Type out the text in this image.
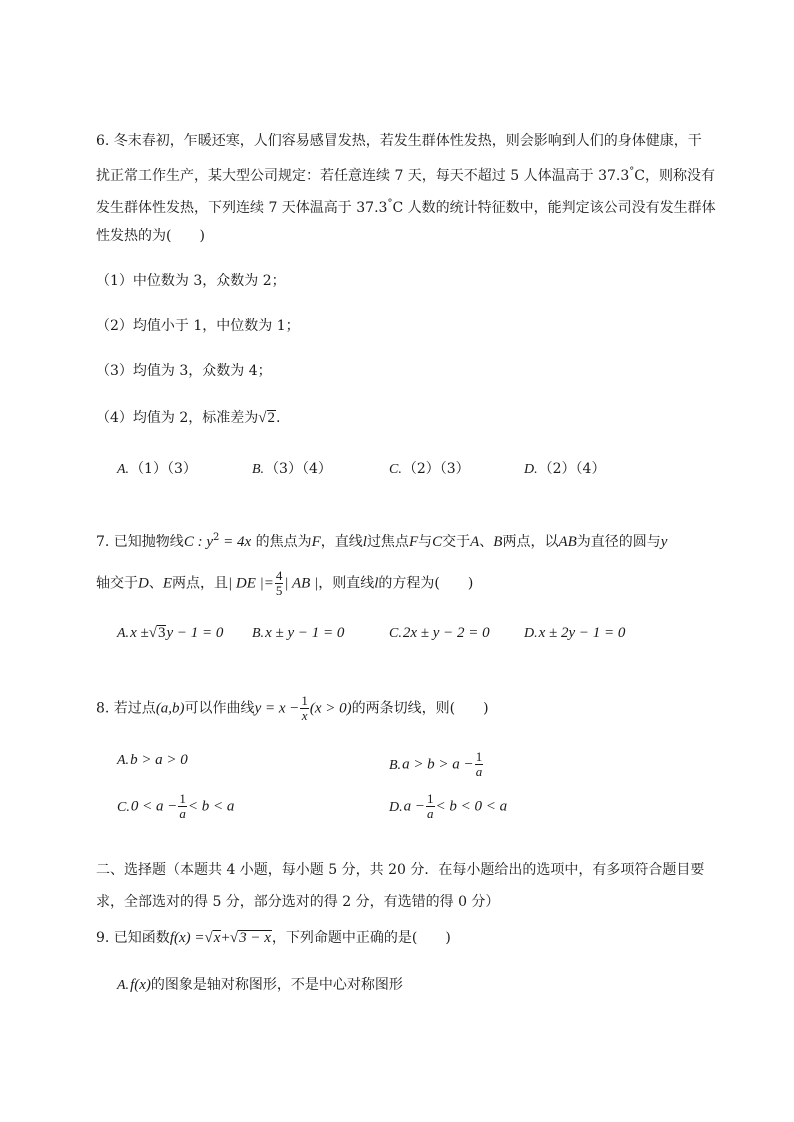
6. 冬末春初，乍暖还寒，人们容易感冒发热，若发生群体性发热，则会影响到人们的身体健康，干
扰正常工作生产，某大型公司规定：若任意连续 7 天，每天不超过 5 人体温高于 37.3°C，则称没有
发生群体性发热，下列连续 7 天体温高于 37.3°C 人数的统计特征数中，能判定该公司没有发生群体
性发热的为(　　)
（1）中位数为 3，众数为 2；
（2）均值小于 1，中位数为 1；
（3）均值为 3，众数为 4；
（4）均值为 2，标准差为√2.
A.（1）（3）	B.（3）（4）	C.（2）（3）	D.（2）（4）
7. 已知抛物线C : $y^2 = 4x$ 的焦点为F，直线l过焦点F与C交于A、B两点，以AB为直径的圆与y
轴交于D、E两点，且| DE |= $\frac{4}{5}$ | AB |，则直线l的方程为(　　)
A.x ±√3y − 1 = 0 B.x ± y − 1 = 0	C.2x ± y − 2 = 0 D.x ± 2y − 1 = 0
8. 若过点(a,b)可以作曲线$y = x - \frac{1}{x} (x > 0)$的两条切线，则(　　)
A.b > a > 0	$B.a > b > a - \frac{1}{a}$
$C.0 < a - \frac{1}{a} < b < a$	$D.a - \frac{1}{a} < b < 0 < a$
二、选择题（本题共 4 小题，每小题 5 分，共 20 分．在每小题给出的选项中，有多项符合题目要
求，全部选对的得 5 分，部分选对的得 2 分，有选错的得 0 分）
9. 已知函数f(x) =√x+√3 − x，下列命题中正确的是(　　)
A.f(x)的图象是轴对称图形，不是中心对称图形
